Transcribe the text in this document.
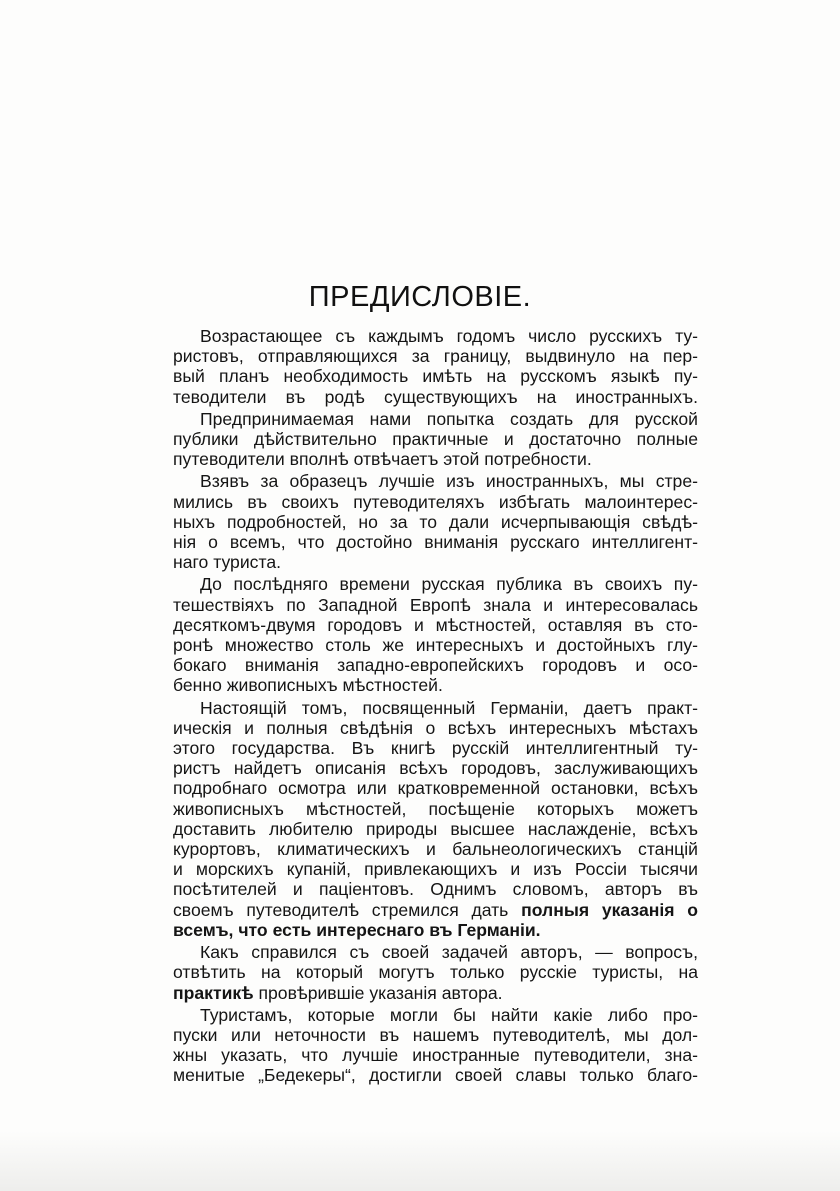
ПРЕДИСЛОВІЕ.
Возрастающее съ каждымъ годомъ число русскихъ ту-
ристовъ, отправляющихся за границу, выдвинуло на пер-
вый планъ необходимость имѣть на русскомъ языкѣ пу-
теводители въ родѣ существующихъ на иностранныхъ.
Предпринимаемая нами попытка создать для русской
публики дѣйствительно практичные и достаточно полные
путеводители вполнѣ отвѣчаетъ этой потребности.
Взявъ за образецъ лучшіе изъ иностранныхъ, мы стре-
мились въ своихъ путеводителяхъ избѣгать малоинтерес-
ныхъ подробностей, но за то дали исчерпывающія свѣдѣ-
нія о всемъ, что достойно вниманія русскаго интеллигент-
наго туриста.
До послѣдняго времени русская публика въ своихъ пу-
тешествіяхъ по Западной Европѣ знала и интересовалась
десяткомъ-двумя городовъ и мѣстностей, оставляя въ сто-
ронѣ множество столь же интересныхъ и достойныхъ глу-
бокаго вниманія западно-европейскихъ городовъ и осо-
бенно живописныхъ мѣстностей.
Настоящій томъ, посвященный Германіи, даетъ практ-
ическія и полныя свѣдѣнія о всѣхъ интересныхъ мѣстахъ
этого государства. Въ книгѣ русскій интеллигентный ту-
ристъ найдетъ описанія всѣхъ городовъ, заслуживающихъ
подробнаго осмотра или кратковременной остановки, всѣхъ
живописныхъ мѣстностей, посѣщеніе которыхъ можетъ
доставить любителю природы высшее наслажденіе, всѣхъ
курортовъ, климатическихъ и бальнеологическихъ станцій
и морскихъ купаній, привлекающихъ и изъ Россіи тысячи
посѣтителей и паціентовъ. Однимъ словомъ, авторъ въ
своемъ путеводителѣ стремился дать полныя указанія о
всемъ, что есть интереснаго въ Германіи.
Какъ справился съ своей задачей авторъ, — вопросъ,
отвѣтить на который могутъ только русскіе туристы, на
практикѣ провѣрившіе указанія автора.
Туристамъ, которые могли бы найти какіе либо про-
пуски или неточности въ нашемъ путеводителѣ, мы дол-
жны указать, что лучшіе иностранные путеводители, зна-
менитые „Бедекеры“, достигли своей славы только благо-
